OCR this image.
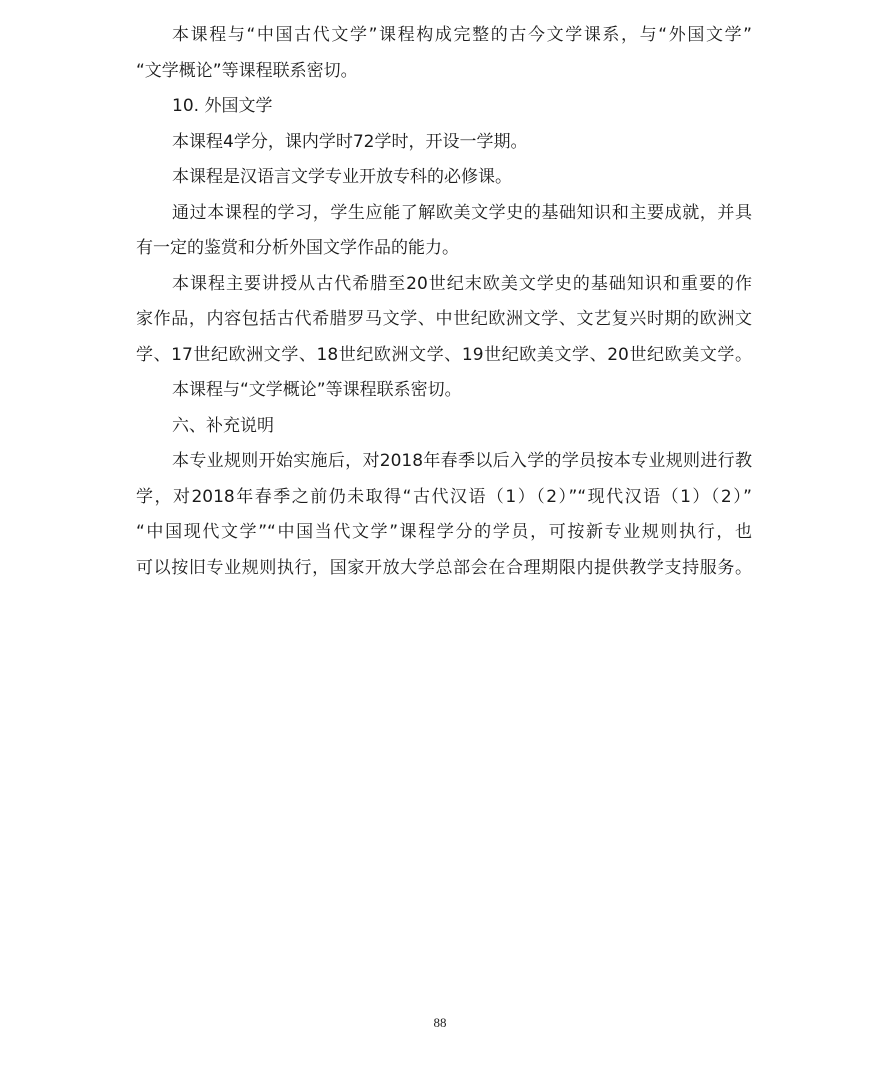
本课程与“中国古代文学”课程构成完整的古今文学课系，与“外国文学”
“文学概论”等课程联系密切。
10. 外国文学
本课程4学分，课内学时72学时，开设一学期。
本课程是汉语言文学专业开放专科的必修课。
通过本课程的学习，学生应能了解欧美文学史的基础知识和主要成就，并具
有一定的鉴赏和分析外国文学作品的能力。
本课程主要讲授从古代希腊至20世纪末欧美文学史的基础知识和重要的作
家作品，内容包括古代希腊罗马文学、中世纪欧洲文学、文艺复兴时期的欧洲文
学、17世纪欧洲文学、18世纪欧洲文学、19世纪欧美文学、20世纪欧美文学。
本课程与“文学概论”等课程联系密切。
六、补充说明
本专业规则开始实施后，对2018年春季以后入学的学员按本专业规则进行教
学，对2018年春季之前仍未取得“古代汉语（1）（2）”“现代汉语（1）（2）”
“中国现代文学”“中国当代文学”课程学分的学员，可按新专业规则执行，也
可以按旧专业规则执行，国家开放大学总部会在合理期限内提供教学支持服务。
88
